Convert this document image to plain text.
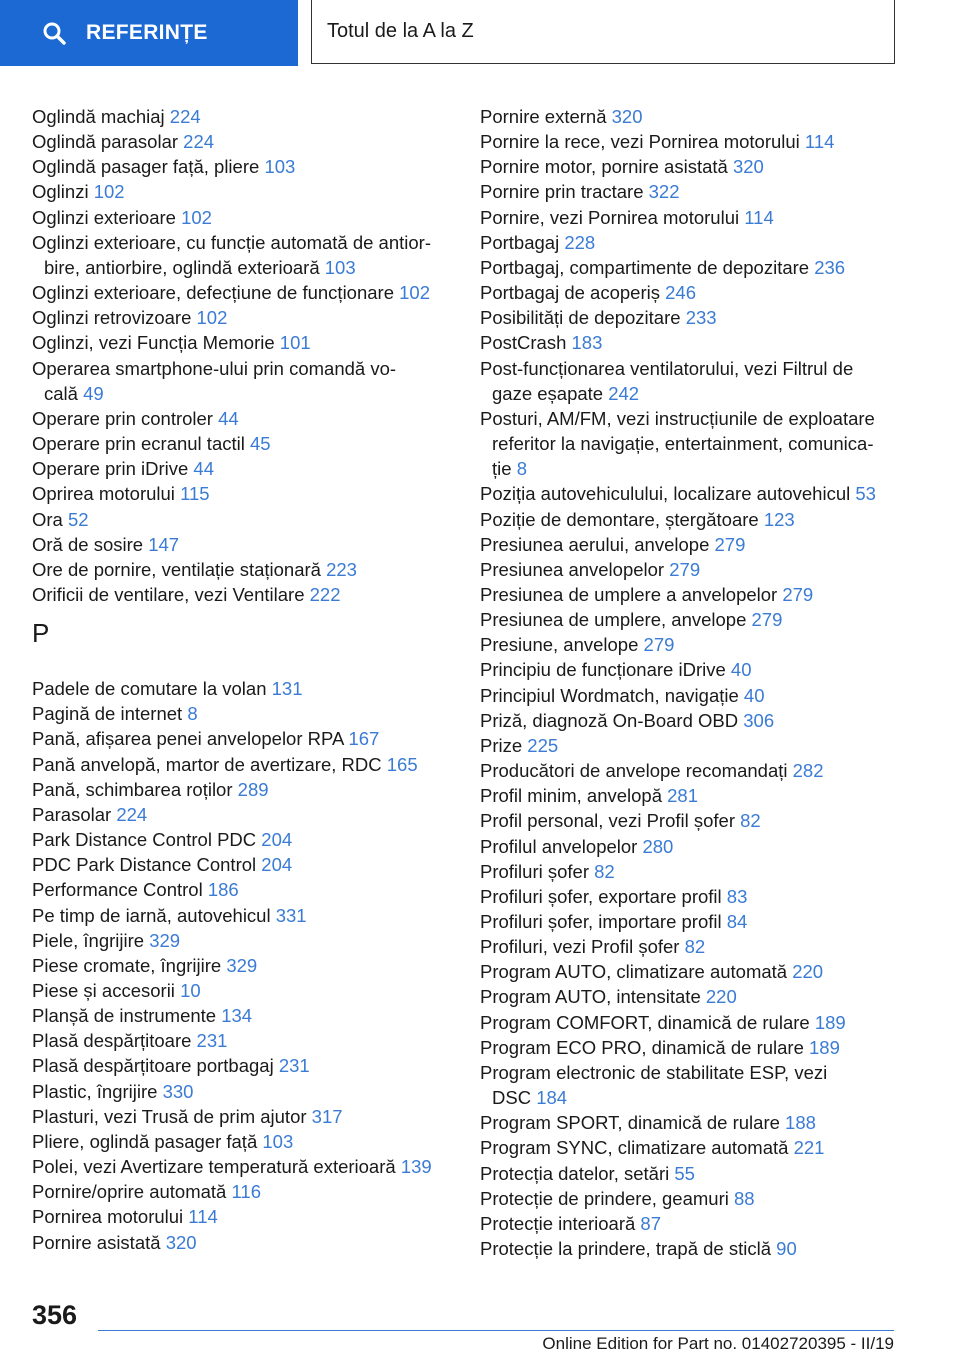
REFERINȚE	Totul de la A la Z
Oglindă machiaj 224
Oglindă parasolar 224
Oglindă pasager față, pliere 103
Oglinzi 102
Oglinzi exterioare 102
Oglinzi exterioare, cu funcție automată de antior-
bire, antiorbire, oglindă exterioară 103
Oglinzi exterioare, defecțiune de funcționare 102
Oglinzi retrovizoare 102
Oglinzi, vezi Funcția Memorie 101
Operarea smartphone-ului prin comandă vo-
cală 49
Operare prin controler 44
Operare prin ecranul tactil 45
Operare prin iDrive 44
Oprirea motorului 115
Ora 52
Oră de sosire 147
Ore de pornire, ventilație staționară 223
Orificii de ventilare, vezi Ventilare 222
P
Padele de comutare la volan 131
Pagină de internet 8
Pană, afișarea penei anvelopelor RPA 167
Pană anvelopă, martor de avertizare, RDC 165
Pană, schimbarea roților 289
Parasolar 224
Park Distance Control PDC 204
PDC Park Distance Control 204
Performance Control 186
Pe timp de iarnă, autovehicul 331
Piele, îngrijire 329
Piese cromate, îngrijire 329
Piese și accesorii 10
Planșă de instrumente 134
Plasă despărțitoare 231
Plasă despărțitoare portbagaj 231
Plastic, îngrijire 330
Plasturi, vezi Trusă de prim ajutor 317
Pliere, oglindă pasager față 103
Polei, vezi Avertizare temperatură exterioară 139
Pornire/oprire automată 116
Pornirea motorului 114
Pornire asistată 320
Pornire externă 320
Pornire la rece, vezi Pornirea motorului 114
Pornire motor, pornire asistată 320
Pornire prin tractare 322
Pornire, vezi Pornirea motorului 114
Portbagaj 228
Portbagaj, compartimente de depozitare 236
Portbagaj de acoperiș 246
Posibilități de depozitare 233
PostCrash 183
Post-funcționarea ventilatorului, vezi Filtrul de
gaze eșapate 242
Posturi, AM/FM, vezi instrucțiunile de exploatare
referitor la navigație, entertainment, comunica-
ție 8
Poziția autovehiculului, localizare autovehicul 53
Poziție de demontare, ștergătoare 123
Presiunea aerului, anvelope 279
Presiunea anvelopelor 279
Presiunea de umplere a anvelopelor 279
Presiunea de umplere, anvelope 279
Presiune, anvelope 279
Principiu de funcționare iDrive 40
Principiul Wordmatch, navigație 40
Priză, diagnoză On-Board OBD 306
Prize 225
Producători de anvelope recomandați 282
Profil minim, anvelopă 281
Profil personal, vezi Profil șofer 82
Profilul anvelopelor 280
Profiluri șofer 82
Profiluri șofer, exportare profil 83
Profiluri șofer, importare profil 84
Profiluri, vezi Profil șofer 82
Program AUTO, climatizare automată 220
Program AUTO, intensitate 220
Program COMFORT, dinamică de rulare 189
Program ECO PRO, dinamică de rulare 189
Program electronic de stabilitate ESP, vezi
DSC 184
Program SPORT, dinamică de rulare 188
Program SYNC, climatizare automată 221
Protecția datelor, setări 55
Protecție de prindere, geamuri 88
Protecție interioară 87
Protecție la prindere, trapă de sticlă 90
356
Online Edition for Part no. 01402720395 - II/19
